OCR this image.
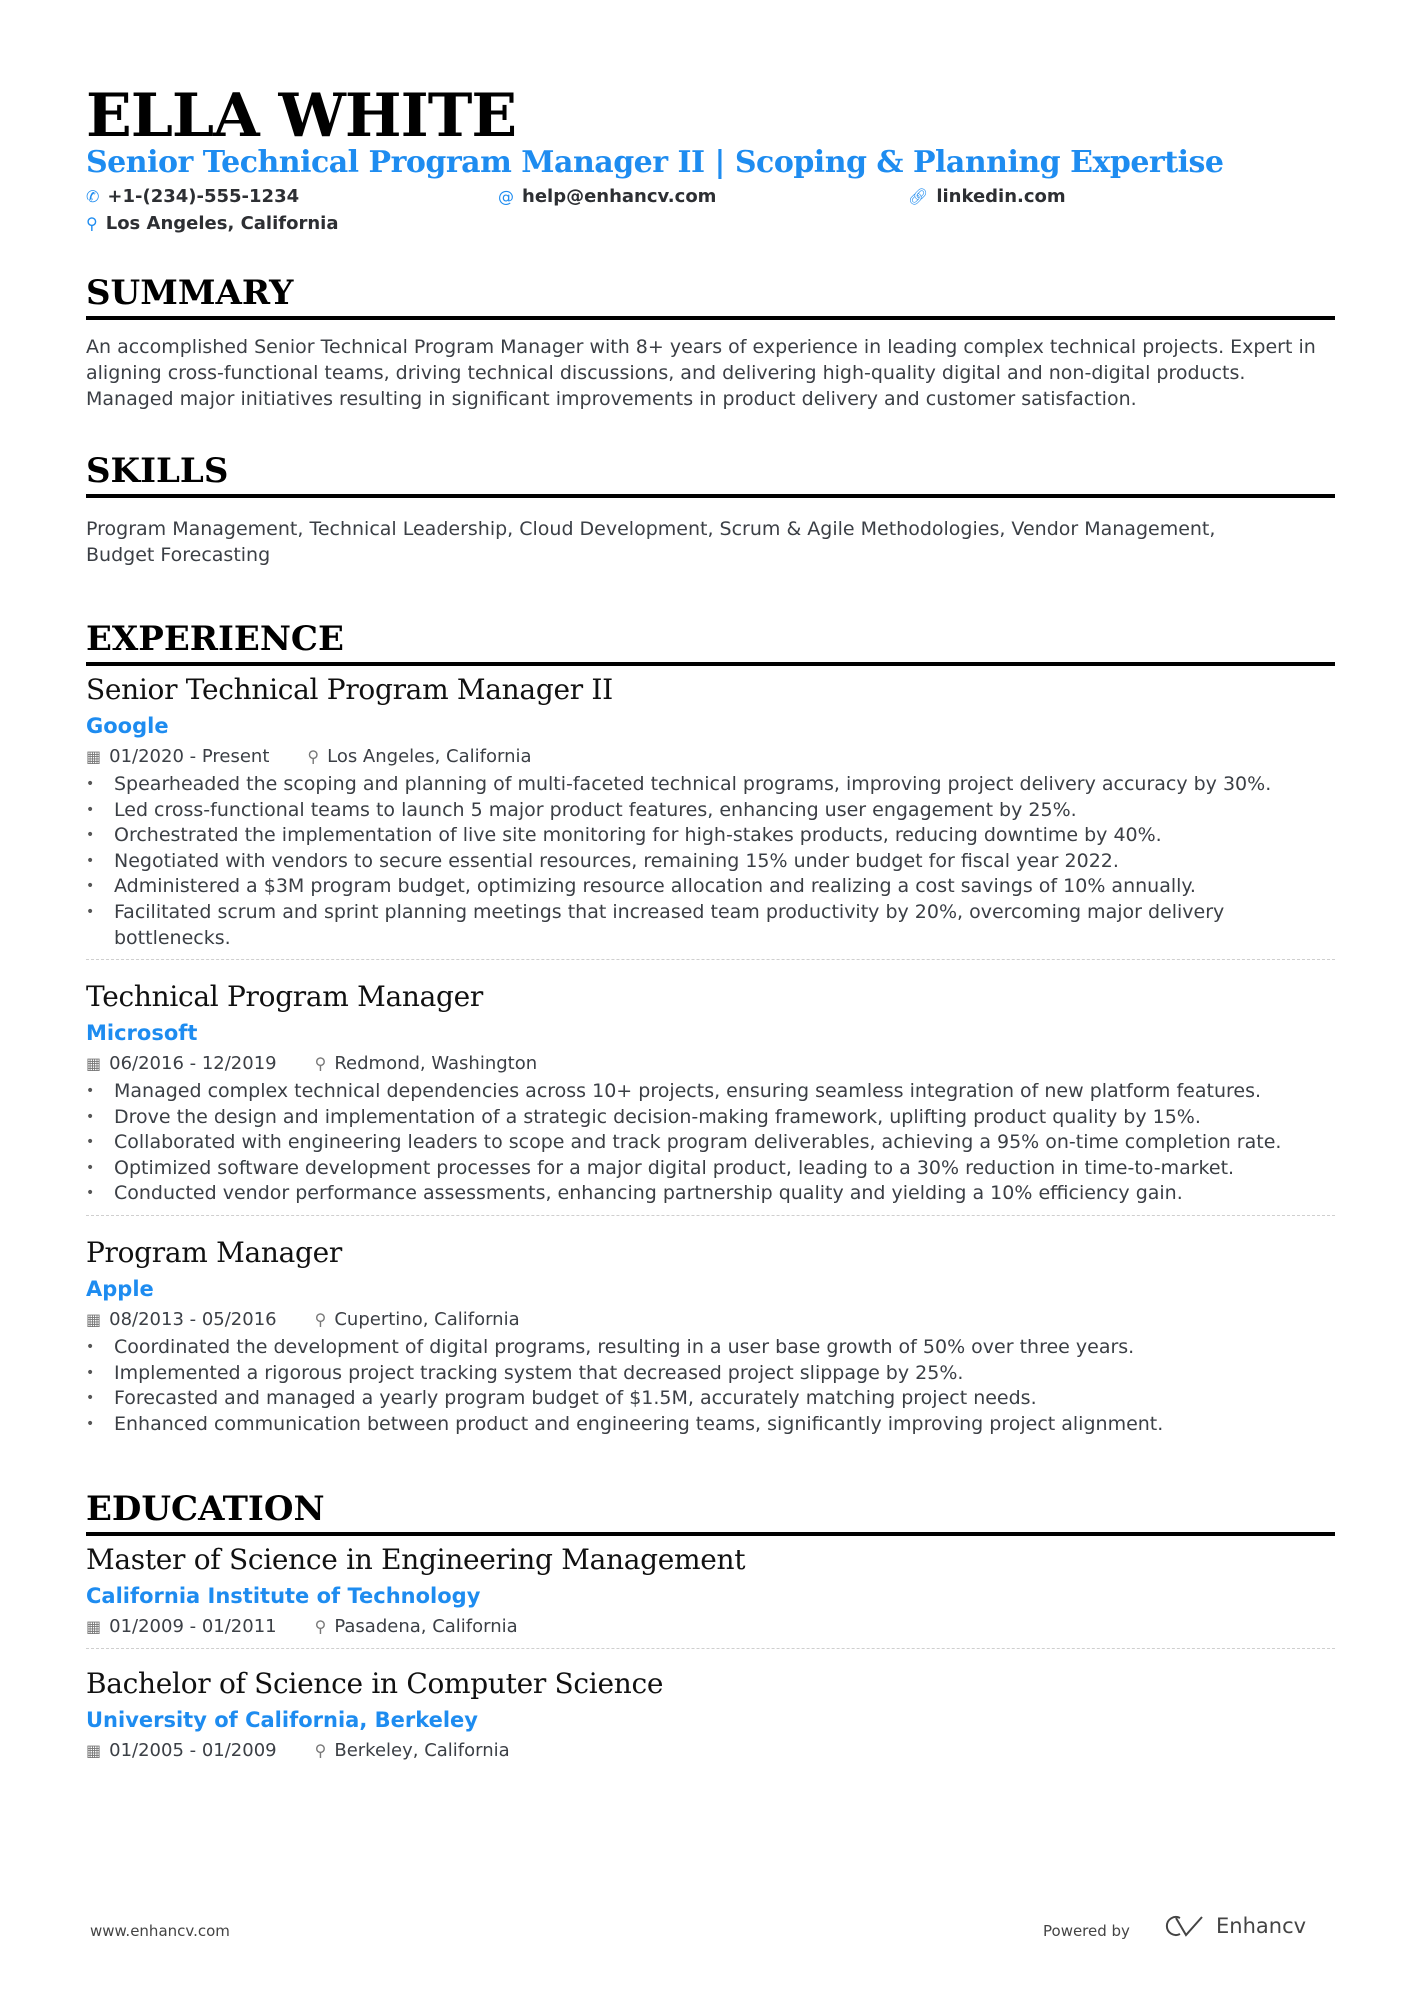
ELLA WHITE
Senior Technical Program Manager II | Scoping & Planning Expertise
✆ +1-(234)-555-1234	@ help@enhancv.com	🔗︎ linkedin.com
⚲ Los Angeles, California
SUMMARY
An accomplished Senior Technical Program Manager with 8+ years of experience in leading complex technical projects. Expert in aligning cross-functional teams, driving technical discussions, and delivering high-quality digital and non-digital products. Managed major initiatives resulting in significant improvements in product delivery and customer satisfaction.
SKILLS
Program Management, Technical Leadership, Cloud Development, Scrum & Agile Methodologies, Vendor Management, Budget Forecasting
EXPERIENCE
Senior Technical Program Manager II
Google
▦ 01/2020 - Present ⚲ Los Angeles, California
• Spearheaded the scoping and planning of multi-faceted technical programs, improving project delivery accuracy by 30%.
• Led cross-functional teams to launch 5 major product features, enhancing user engagement by 25%.
• Orchestrated the implementation of live site monitoring for high-stakes products, reducing downtime by 40%.
• Negotiated with vendors to secure essential resources, remaining 15% under budget for fiscal year 2022.
• Administered a $3M program budget, optimizing resource allocation and realizing a cost savings of 10% annually.
• Facilitated scrum and sprint planning meetings that increased team productivity by 20%, overcoming major delivery bottlenecks.
Technical Program Manager
Microsoft
▦ 06/2016 - 12/2019 ⚲ Redmond, Washington
• Managed complex technical dependencies across 10+ projects, ensuring seamless integration of new platform features.
• Drove the design and implementation of a strategic decision-making framework, uplifting product quality by 15%.
• Collaborated with engineering leaders to scope and track program deliverables, achieving a 95% on-time completion rate.
• Optimized software development processes for a major digital product, leading to a 30% reduction in time-to-market.
• Conducted vendor performance assessments, enhancing partnership quality and yielding a 10% efficiency gain.
Program Manager
Apple
▦ 08/2013 - 05/2016 ⚲ Cupertino, California
• Coordinated the development of digital programs, resulting in a user base growth of 50% over three years.
• Implemented a rigorous project tracking system that decreased project slippage by 25%.
• Forecasted and managed a yearly program budget of $1.5M, accurately matching project needs.
• Enhanced communication between product and engineering teams, significantly improving project alignment.
EDUCATION
Master of Science in Engineering Management
California Institute of Technology
▦ 01/2009 - 01/2011 ⚲ Pasadena, California
Bachelor of Science in Computer Science
University of California, Berkeley
▦ 01/2005 - 01/2009 ⚲ Berkeley, California
www.enhancv.com	Powered by	Enhancv
